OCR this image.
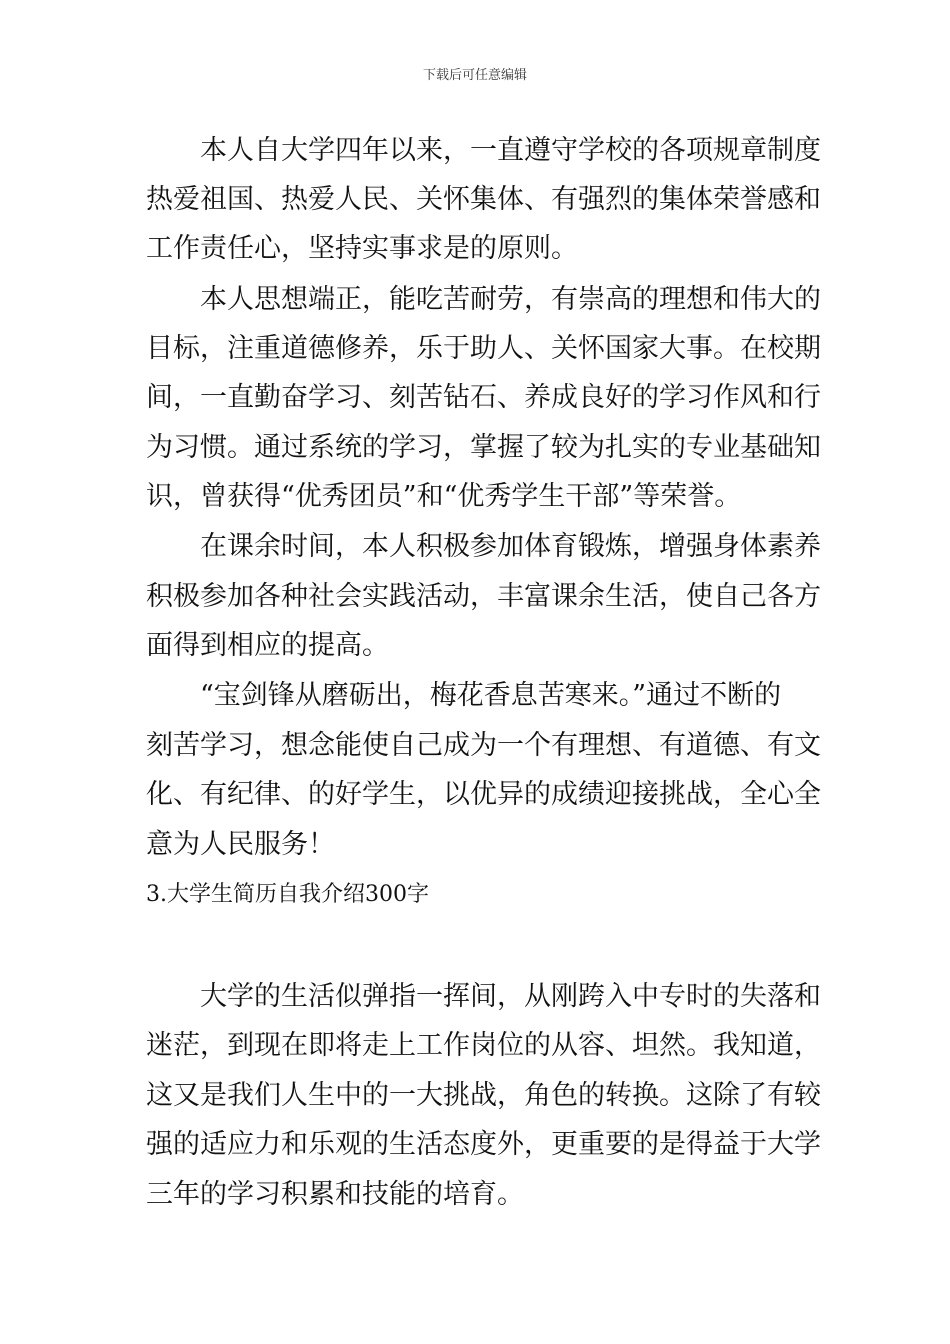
下载后可任意编辑
　　本人自大学四年以来，一直遵守学校的各项规章制度
热爱祖国、热爱人民、关怀集体、有强烈的集体荣誉感和
工作责任心，坚持实事求是的原则。
　　本人思想端正，能吃苦耐劳，有崇高的理想和伟大的
目标，注重道德修养，乐于助人、关怀国家大事。在校期
间，一直勤奋学习、刻苦钻石、养成良好的学习作风和行
为习惯。通过系统的学习，掌握了较为扎实的专业基础知
识，曾获得“优秀团员”和“优秀学生干部”等荣誉。
　　在课余时间，本人积极参加体育锻炼，增强身体素养
积极参加各种社会实践活动，丰富课余生活，使自己各方
面得到相应的提高。
　　“宝剑锋从磨砺出，梅花香息苦寒来。”通过不断的
刻苦学习，想念能使自己成为一个有理想、有道德、有文
化、有纪律、的好学生，以优异的成绩迎接挑战，全心全
意为人民服务！
3.大学生简历自我介绍300字
　　大学的生活似弹指一挥间，从刚跨入中专时的失落和
迷茫，到现在即将走上工作岗位的从容、坦然。我知道，
这又是我们人生中的一大挑战，角色的转换。这除了有较
强的适应力和乐观的生活态度外，更重要的是得益于大学
三年的学习积累和技能的培育。
